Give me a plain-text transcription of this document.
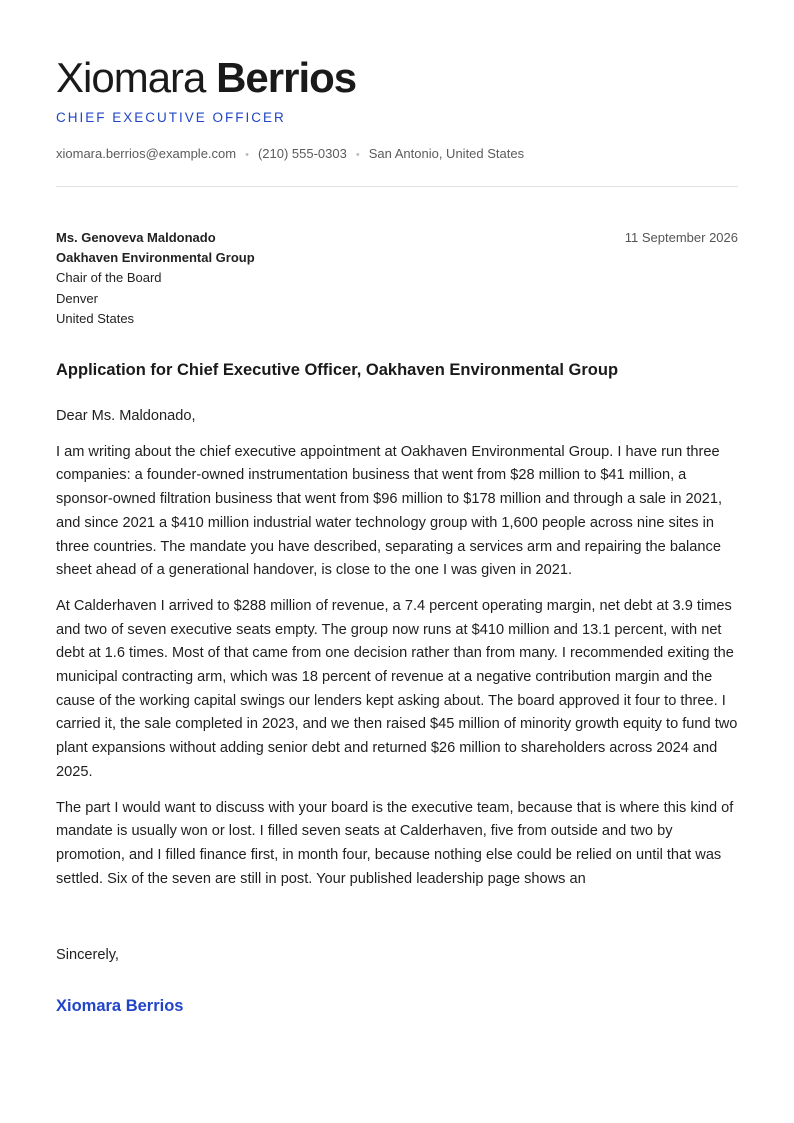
Xiomara Berrios
CHIEF EXECUTIVE OFFICER
xiomara.berrios@example.com • (210) 555-0303 • San Antonio, United States
Ms. Genoveva Maldonado
Oakhaven Environmental Group
Chair of the Board
Denver
United States
11 September 2026
Application for Chief Executive Officer, Oakhaven Environmental Group

Dear Ms. Maldonado,

I am writing about the chief executive appointment at Oakhaven Environmental Group. I have run three companies: a founder-owned instrumentation business that went from $28 million to $41 million, a sponsor-owned filtration business that went from $96 million to $178 million and through a sale in 2021, and since 2021 a $410 million industrial water technology group with 1,600 people across nine sites in three countries. The mandate you have described, separating a services arm and repairing the balance sheet ahead of a generational handover, is close to the one I was given in 2021.

At Calderhaven I arrived to $288 million of revenue, a 7.4 percent operating margin, net debt at 3.9 times and two of seven executive seats empty. The group now runs at $410 million and 13.1 percent, with net debt at 1.6 times. Most of that came from one decision rather than from many. I recommended exiting the municipal contracting arm, which was 18 percent of revenue at a negative contribution margin and the cause of the working capital swings our lenders kept asking about. The board approved it four to three. I carried it, the sale completed in 2023, and we then raised $45 million of minority growth equity to fund two plant expansions without adding senior debt and returned $26 million to shareholders across 2024 and 2025.

The part I would want to discuss with your board is the executive team, because that is where this kind of mandate is usually won or lost. I filled seven seats at Calderhaven, five from outside and two by promotion, and I filled finance first, in month four, because nothing else could be relied on until that was settled. Six of the seven are still in post. Your published leadership page shows an

Sincerely,
Xiomara Berrios
